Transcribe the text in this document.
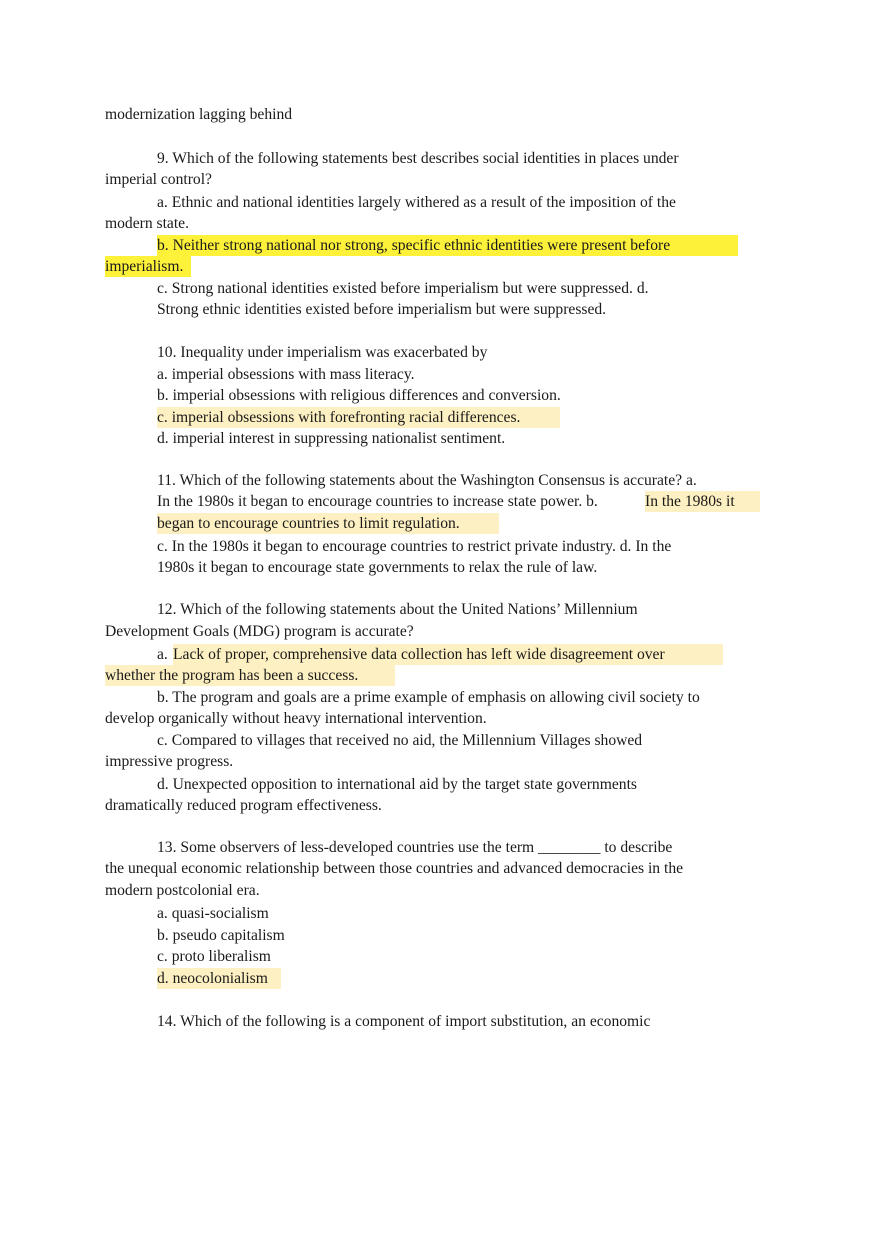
modernization lagging behind
9. Which of the following statements best describes social identities in places under
imperial control?
a. Ethnic and national identities largely withered as a result of the imposition of the
modern state.
b. Neither strong national nor strong, specific ethnic identities were present before
imperialism.
c. Strong national identities existed before imperialism but were suppressed. d.
Strong ethnic identities existed before imperialism but were suppressed.
10. Inequality under imperialism was exacerbated by
a. imperial obsessions with mass literacy.
b. imperial obsessions with religious differences and conversion.
c. imperial obsessions with forefronting racial differences.
d. imperial interest in suppressing nationalist sentiment.
11. Which of the following statements about the Washington Consensus is accurate? a.
In the 1980s it began to encourage countries to increase state power. b.	In the 1980s it
began to encourage countries to limit regulation.
c. In the 1980s it began to encourage countries to restrict private industry. d. In the
1980s it began to encourage state governments to relax the rule of law.
12. Which of the following statements about the United Nations’ Millennium
Development Goals (MDG) program is accurate?
a. Lack of proper, comprehensive data collection has left wide disagreement over
whether the program has been a success.
b. The program and goals are a prime example of emphasis on allowing civil society to
develop organically without heavy international intervention.
c. Compared to villages that received no aid, the Millennium Villages showed
impressive progress.
d. Unexpected opposition to international aid by the target state governments
dramatically reduced program effectiveness.
13. Some observers of less-developed countries use the term ________ to describe
the unequal economic relationship between those countries and advanced democracies in the
modern postcolonial era.
a. quasi-socialism
b. pseudo capitalism
c. proto liberalism
d. neocolonialism
14. Which of the following is a component of import substitution, an economic
